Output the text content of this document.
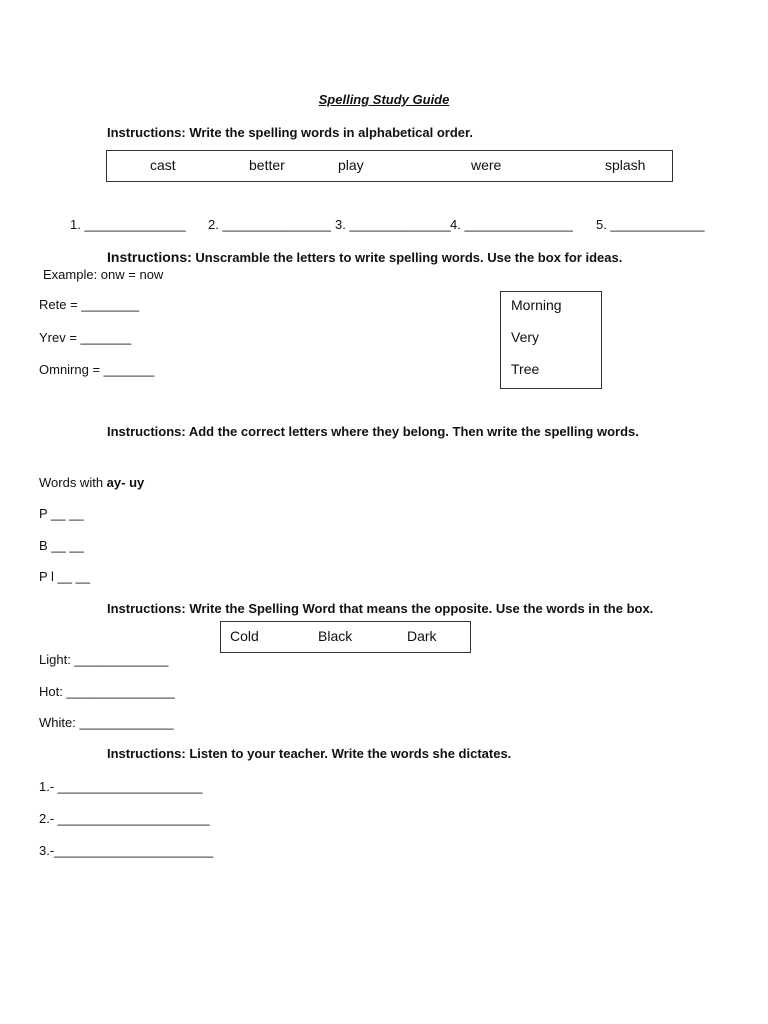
Spelling Study Guide
Instructions: Write the spelling words in alphabetical order.
cast	better	play	were	splash
1. ______________ 2. _______________ 3. ______________ 4. _______________ 5. _____________
Instructions: Unscramble the letters to write spelling words. Use the box for ideas.
Example: onw = now
Rete = ________
Yrev = _______
Omnirng = _______
Morning
Very
Tree
Instructions: Add the correct letters where they belong. Then write the spelling words.
Words with ay- uy
P __ __
B __ __
P l __ __
Instructions: Write the Spelling Word that means the opposite. Use the words in the box.
Cold	Black	Dark
Light: _____________
Hot: _______________
White: _____________
Instructions: Listen to your teacher. Write the words she dictates.
1.- ____________________
2.- _____________________
3.-______________________
